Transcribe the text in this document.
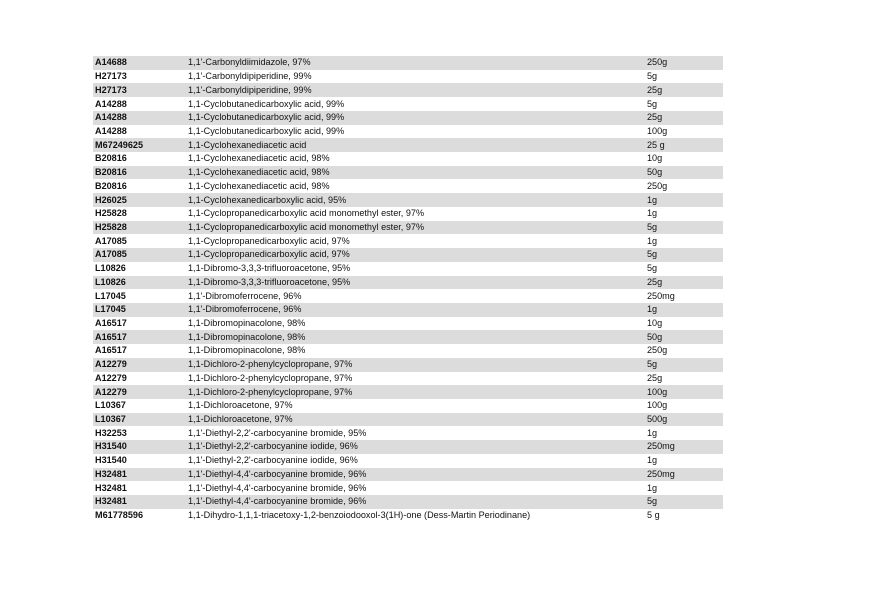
A14688	1,1'-Carbonyldiimidazole, 97%	250g
H27173	1,1'-Carbonyldipiperidine, 99%	5g
H27173	1,1'-Carbonyldipiperidine, 99%	25g
A14288	1,1-Cyclobutanedicarboxylic acid, 99%	5g
A14288	1,1-Cyclobutanedicarboxylic acid, 99%	25g
A14288	1,1-Cyclobutanedicarboxylic acid, 99%	100g
M67249625	1,1-Cyclohexanediacetic acid	25 g
B20816	1,1-Cyclohexanediacetic acid, 98%	10g
B20816	1,1-Cyclohexanediacetic acid, 98%	50g
B20816	1,1-Cyclohexanediacetic acid, 98%	250g
H26025	1,1-Cyclohexanedicarboxylic acid, 95%	1g
H25828	1,1-Cyclopropanedicarboxylic acid monomethyl ester, 97%	1g
H25828	1,1-Cyclopropanedicarboxylic acid monomethyl ester, 97%	5g
A17085	1,1-Cyclopropanedicarboxylic acid, 97%	1g
A17085	1,1-Cyclopropanedicarboxylic acid, 97%	5g
L10826	1,1-Dibromo-3,3,3-trifluoroacetone, 95%	5g
L10826	1,1-Dibromo-3,3,3-trifluoroacetone, 95%	25g
L17045	1,1'-Dibromoferrocene, 96%	250mg
L17045	1,1'-Dibromoferrocene, 96%	1g
A16517	1,1-Dibromopinacolone, 98%	10g
A16517	1,1-Dibromopinacolone, 98%	50g
A16517	1,1-Dibromopinacolone, 98%	250g
A12279	1,1-Dichloro-2-phenylcyclopropane, 97%	5g
A12279	1,1-Dichloro-2-phenylcyclopropane, 97%	25g
A12279	1,1-Dichloro-2-phenylcyclopropane, 97%	100g
L10367	1,1-Dichloroacetone, 97%	100g
L10367	1,1-Dichloroacetone, 97%	500g
H32253	1,1'-Diethyl-2,2'-carbocyanine bromide, 95%	1g
H31540	1,1'-Diethyl-2,2'-carbocyanine iodide, 96%	250mg
H31540	1,1'-Diethyl-2,2'-carbocyanine iodide, 96%	1g
H32481	1,1'-Diethyl-4,4'-carbocyanine bromide, 96%	250mg
H32481	1,1'-Diethyl-4,4'-carbocyanine bromide, 96%	1g
H32481	1,1'-Diethyl-4,4'-carbocyanine bromide, 96%	5g
M61778596	1,1-Dihydro-1,1,1-triacetoxy-1,2-benzoiodooxol-3(1H)-one (Dess-Martin Periodinane)	5 g
